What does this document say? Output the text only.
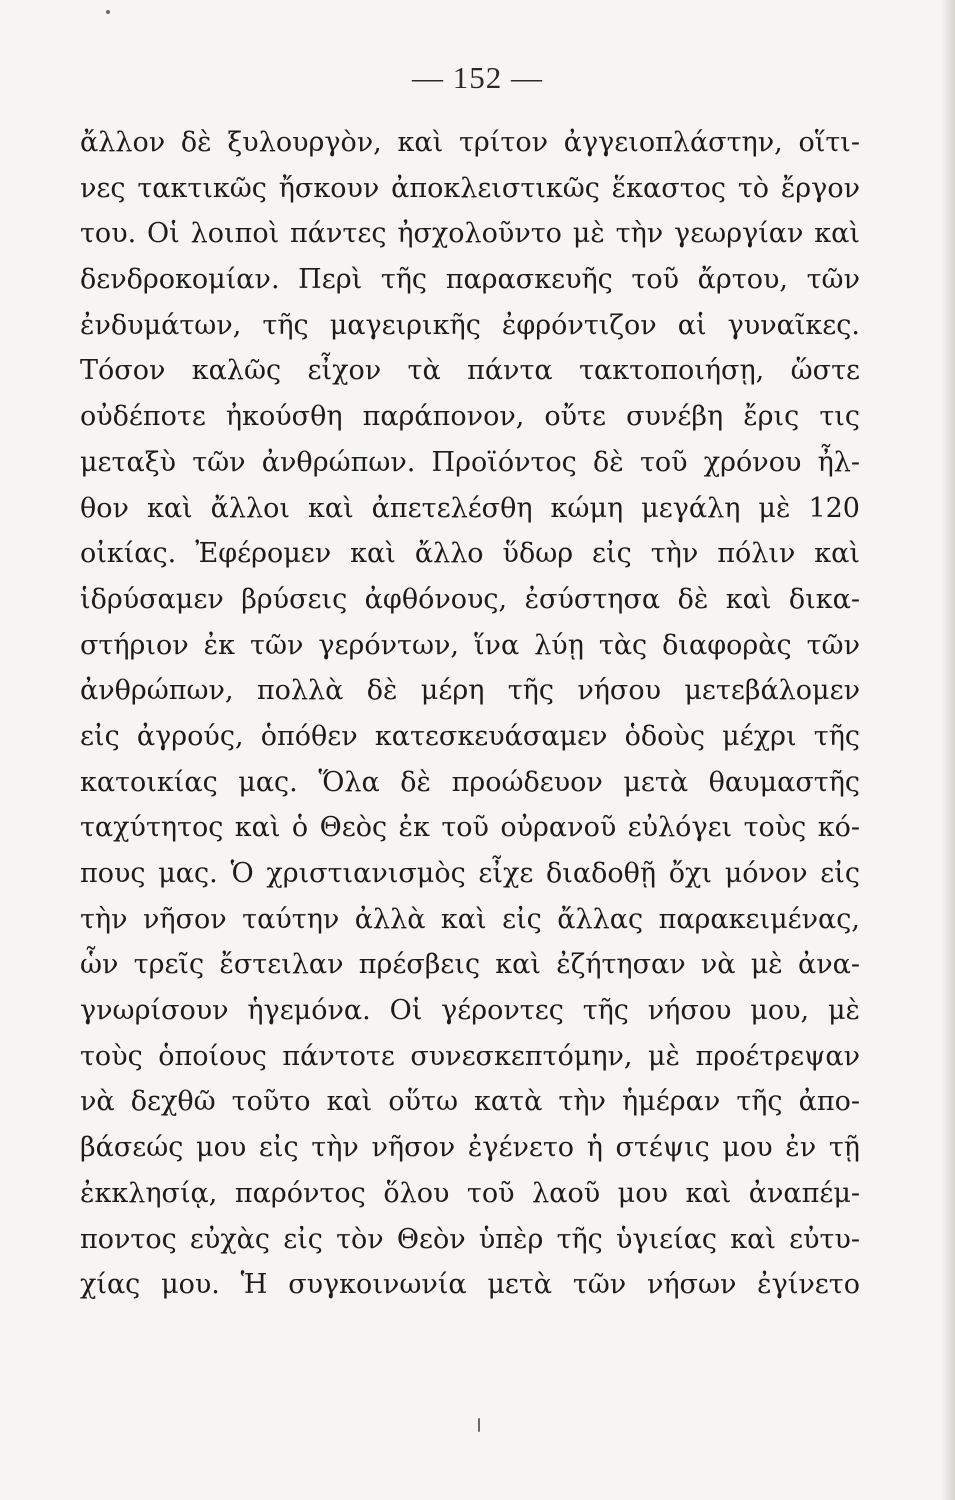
— 152 —
ἄλλον δὲ ξυλουργὸν, καὶ τρίτον ἀγγειοπλάστην, οἵτι-
νες τακτικῶς ἤσκουν ἀποκλειστικῶς ἕκαστος τὸ ἔργον
του. Οἱ λοιποὶ πάντες ἠσχολοῦντο μὲ τὴν γεωργίαν καὶ
δενδροκομίαν. Περὶ τῆς παρασκευῆς τοῦ ἄρτου, τῶν
ἐνδυμάτων, τῆς μαγειρικῆς ἐφρόντιζον αἱ γυναῖκες.
Τόσον καλῶς εἶχον τὰ πάντα τακτοποιήσῃ, ὥστε
οὐδέποτε ἠκούσθη παράπονον, οὔτε συνέβη ἔρις τις
μεταξὺ τῶν ἀνθρώπων. Προϊόντος δὲ τοῦ χρόνου ἦλ-
θον καὶ ἄλλοι καὶ ἀπετελέσθη κώμη μεγάλη μὲ 120
οἰκίας. Ἐφέρομεν καὶ ἄλλο ὕδωρ εἰς τὴν πόλιν καὶ
ἱδρύσαμεν βρύσεις ἀφθόνους, ἐσύστησα δὲ καὶ δικα-
στήριον ἐκ τῶν γερόντων, ἵνα λύῃ τὰς διαφορὰς τῶν
ἀνθρώπων, πολλὰ δὲ μέρη τῆς νήσου μετεβάλομεν
εἰς ἀγρούς, ὁπόθεν κατεσκευάσαμεν ὁδοὺς μέχρι τῆς
κατοικίας μας. Ὅλα δὲ προώδευον μετὰ θαυμαστῆς
ταχύτητος καὶ ὁ Θεὸς ἐκ τοῦ οὐρανοῦ εὐλόγει τοὺς κό-
πους μας. Ὁ χριστιανισμὸς εἶχε διαδοθῇ ὄχι μόνον εἰς
τὴν νῆσον ταύτην ἀλλὰ καὶ εἰς ἄλλας παρακειμένας,
ὧν τρεῖς ἔστειλαν πρέσβεις καὶ ἐζήτησαν νὰ μὲ ἀνα-
γνωρίσουν ἡγεμόνα. Οἱ γέροντες τῆς νήσου μου, μὲ
τοὺς ὁποίους πάντοτε συνεσκεπτόμην, μὲ προέτρεψαν
νὰ δεχθῶ τοῦτο καὶ οὕτω κατὰ τὴν ἡμέραν τῆς ἀπο-
βάσεώς μου εἰς τὴν νῆσον ἐγένετο ἡ στέψις μου ἐν τῇ
ἐκκλησίᾳ, παρόντος ὅλου τοῦ λαοῦ μου καὶ ἀναπέμ-
ποντος εὐχὰς εἰς τὸν Θεὸν ὑπὲρ τῆς ὑγιείας καὶ εὐτυ-
χίας μου. Ἡ συγκοινωνία μετὰ τῶν νήσων ἐγίνετο
